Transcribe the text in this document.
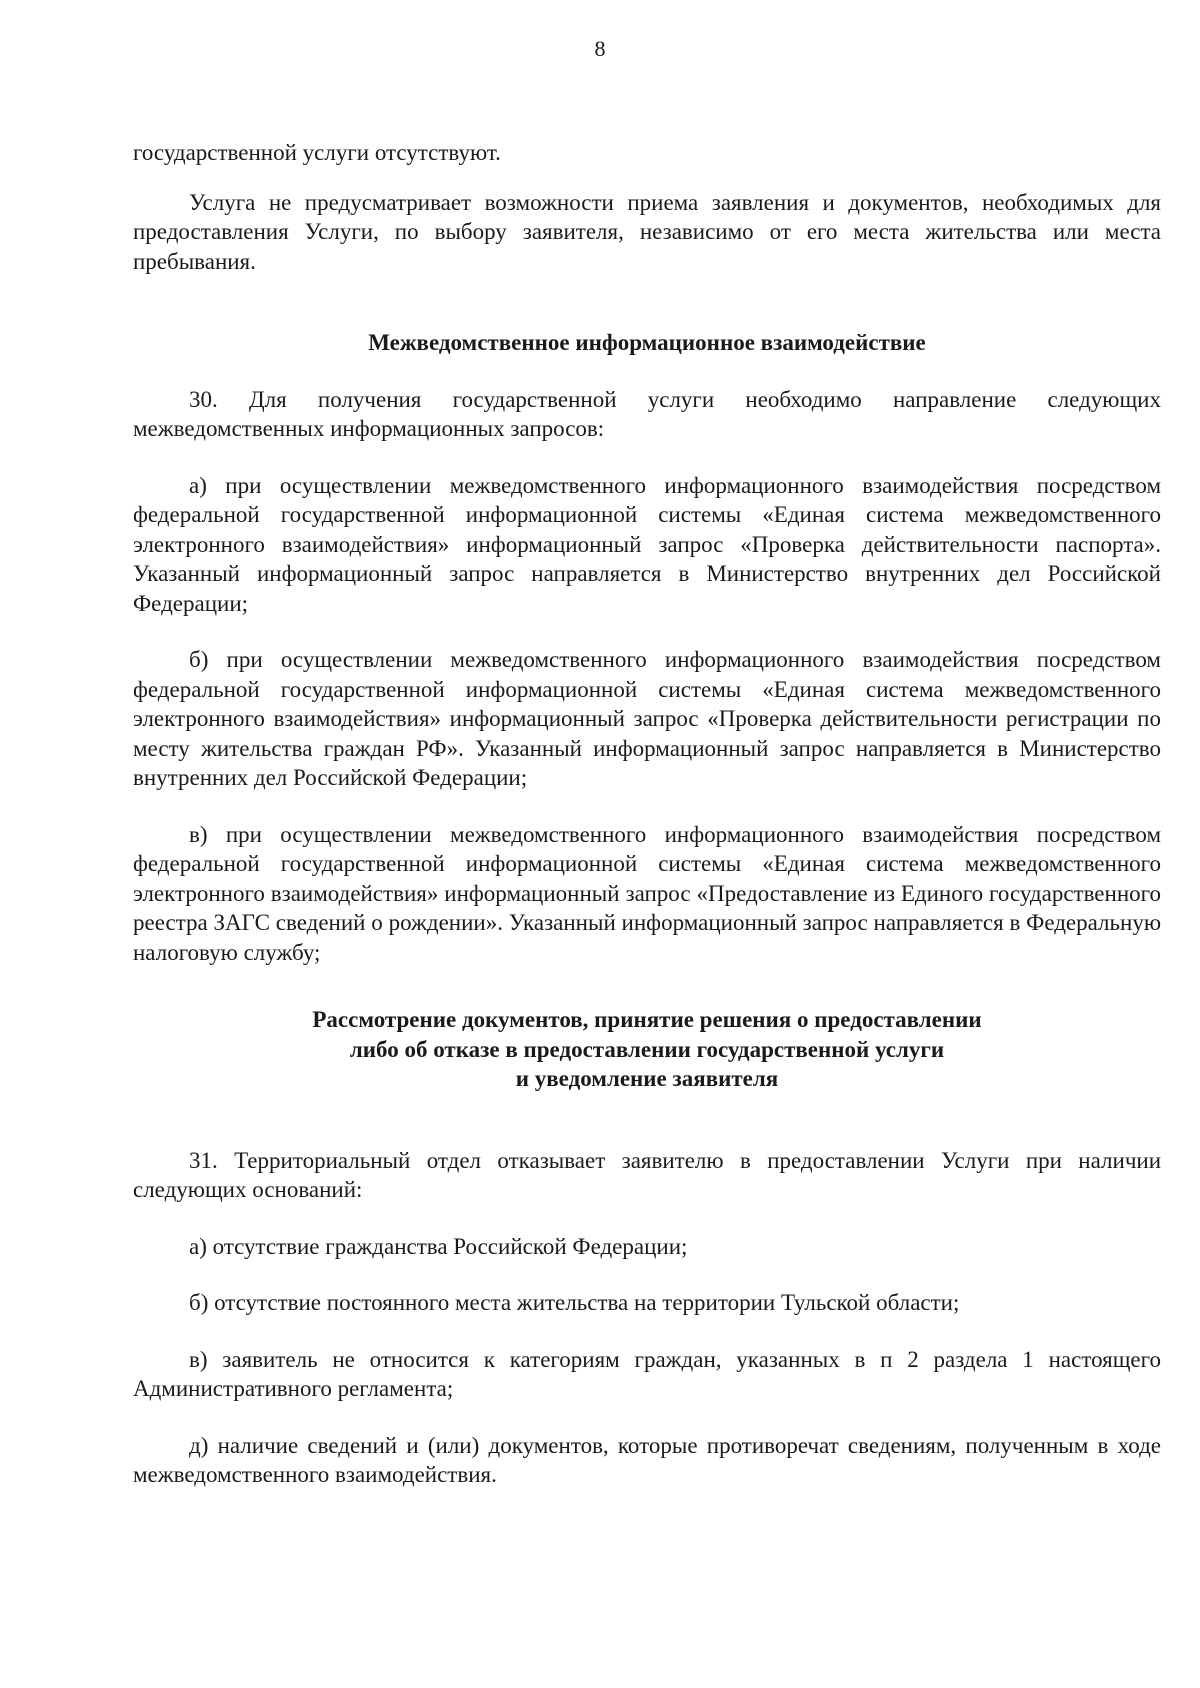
8

государственной услуги отсутствуют.

Услуга не предусматривает возможности приема заявления и документов, необходимых для предоставления Услуги, по выбору заявителя, независимо от его места жительства или места пребывания.

Межведомственное информационное взаимодействие

30. Для получения государственной услуги необходимо направление следующих межведомственных информационных запросов:

а) при осуществлении межведомственного информационного взаимодействия посредством федеральной государственной информационной системы «Единая система межведомственного электронного взаимодействия» информационный запрос «Проверка действительности паспорта». Указанный информационный запрос направляется в Министерство внутренних дел Российской Федерации;

б) при осуществлении межведомственного информационного взаимодействия посредством федеральной государственной информационной системы «Единая система межведомственного электронного взаимодействия» информационный запрос «Проверка действительности регистрации по месту жительства граждан РФ». Указанный информационный запрос направляется в Министерство внутренних дел Российской Федерации;

в) при осуществлении межведомственного информационного взаимодействия посредством федеральной государственной информационной системы «Единая система межведомственного электронного взаимодействия» информационный запрос «Предоставление из Единого государственного реестра ЗАГС сведений о рождении». Указанный информационный запрос направляется в Федеральную налоговую службу;

Рассмотрение документов, принятие решения о предоставлении

либо об отказе в предоставлении государственной услуги

и уведомление заявителя

31. Территориальный отдел отказывает заявителю в предоставлении Услуги при наличии следующих оснований:

а) отсутствие гражданства Российской Федерации;

б) отсутствие постоянного места жительства на территории Тульской области;

в) заявитель не относится к категориям граждан, указанных в п 2 раздела 1 настоящего Административного регламента;

д) наличие сведений и (или) документов, которые противоречат сведениям, полученным в ходе межведомственного взаимодействия.
